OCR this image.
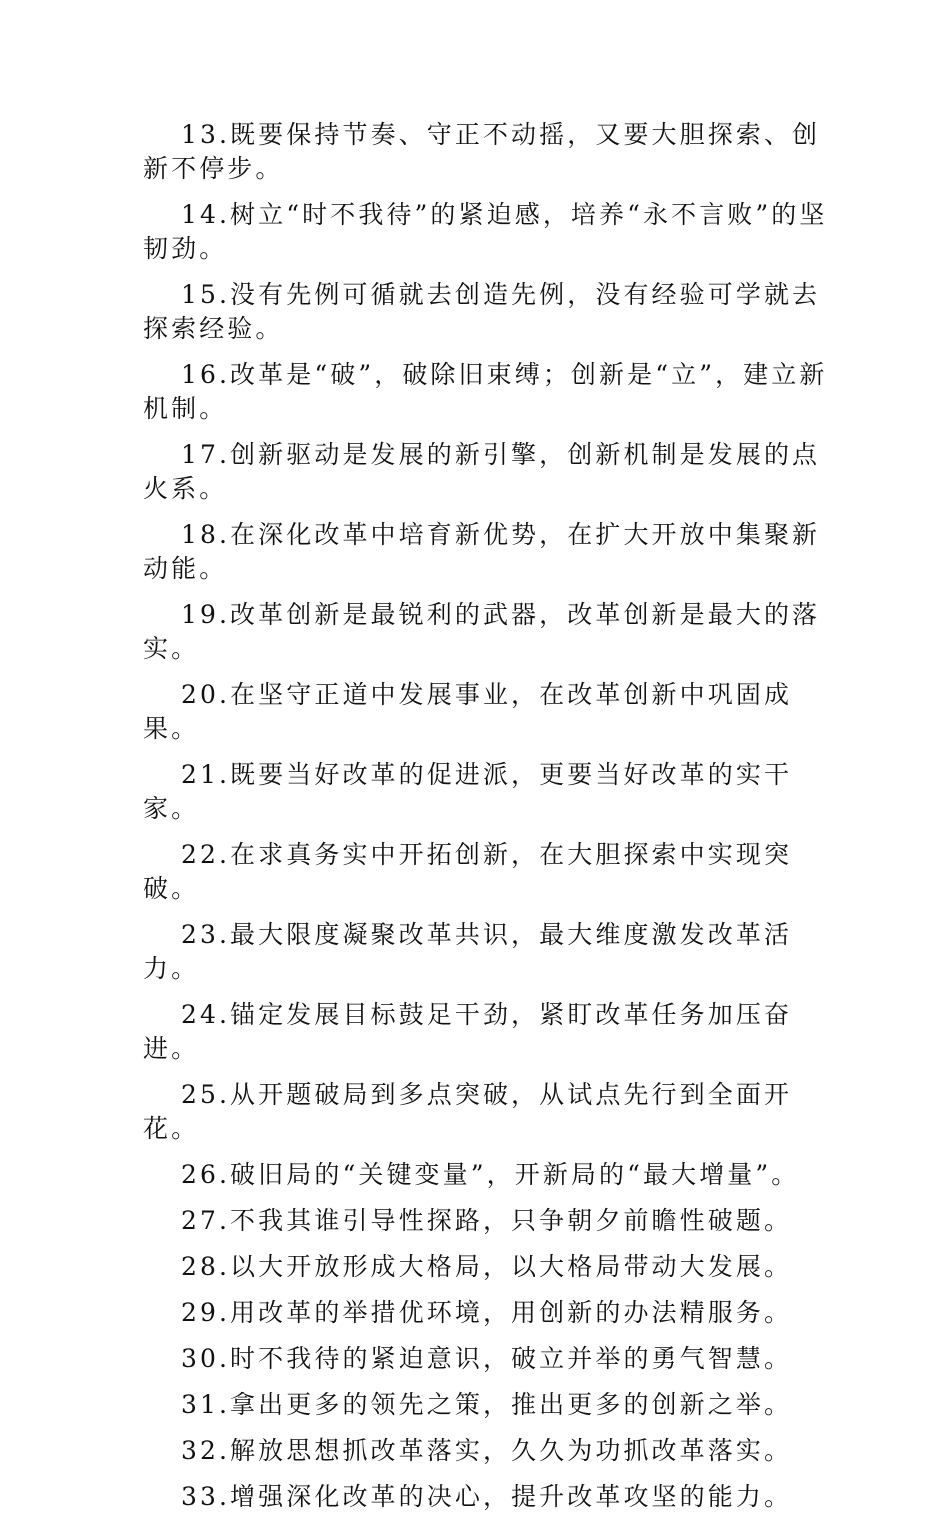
13.既要保持节奏、守正不动摇，又要大胆探索、创新不停步。

14.树立“时不我待”的紧迫感，培养“永不言败”的坚韧劲。

15.没有先例可循就去创造先例，没有经验可学就去探索经验。

16.改革是“破”，破除旧束缚；创新是“立”，建立新机制。

17.创新驱动是发展的新引擎，创新机制是发展的点火系。

18.在深化改革中培育新优势，在扩大开放中集聚新动能。

19.改革创新是最锐利的武器，改革创新是最大的落实。

20.在坚守正道中发展事业，在改革创新中巩固成果。

21.既要当好改革的促进派，更要当好改革的实干家。

22.在求真务实中开拓创新，在大胆探索中实现突破。

23.最大限度凝聚改革共识，最大维度激发改革活力。

24.锚定发展目标鼓足干劲，紧盯改革任务加压奋进。

25.从开题破局到多点突破，从试点先行到全面开花。

26.破旧局的“关键变量”，开新局的“最大增量”。

27.不我其谁引导性探路，只争朝夕前瞻性破题。

28.以大开放形成大格局，以大格局带动大发展。

29.用改革的举措优环境，用创新的办法精服务。

30.时不我待的紧迫意识，破立并举的勇气智慧。

31.拿出更多的领先之策，推出更多的创新之举。

32.解放思想抓改革落实，久久为功抓改革落实。

33.增强深化改革的决心，提升改革攻坚的能力。
